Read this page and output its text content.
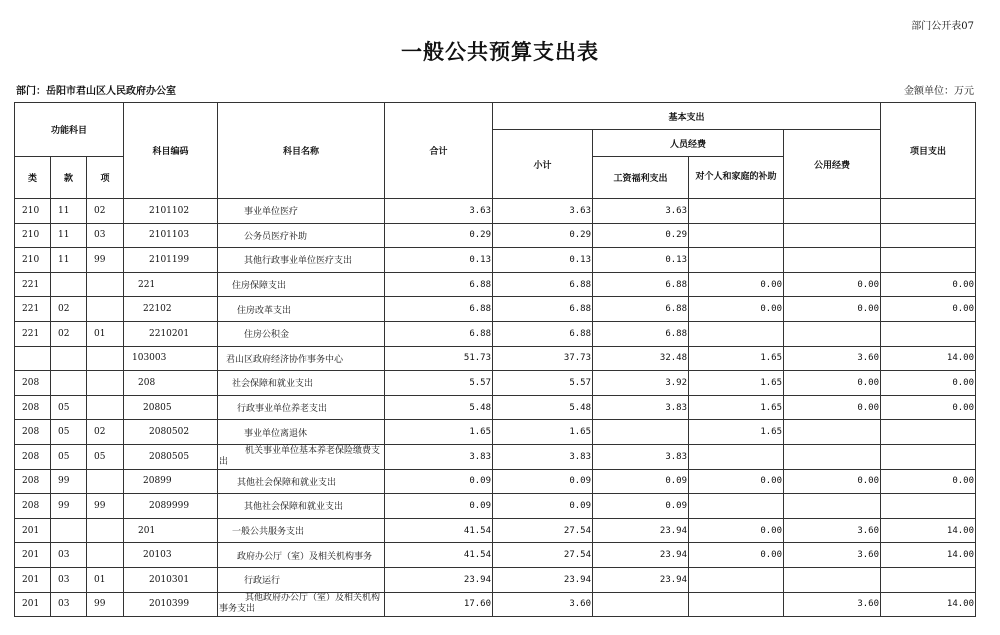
部门公开表07
一般公共预算支出表
部门：岳阳市君山区人民政府办公室	金额单位：万元
功能科目			科目编码	科目名称	合计	基本支出				项目支出
						小计	人员经费		公用经费	
类	款	项					工资福利支出	对个人和家庭的补助		
210	11	02	2101102	事业单位医疗	3.63	3.63	3.63			
210	11	03	2101103	公务员医疗补助	0.29	0.29	0.29			
210	11	99	2101199	其他行政事业单位医疗支出	0.13	0.13	0.13			
221			221	住房保障支出	6.88	6.88	6.88	0.00	0.00	0.00
221	02		22102	住房改革支出	6.88	6.88	6.88	0.00	0.00	0.00
221	02	01	2210201	住房公积金	6.88	6.88	6.88			
			103003	君山区政府经济协作事务中心	51.73	37.73	32.48	1.65	3.60	14.00
208			208	社会保障和就业支出	5.57	5.57	3.92	1.65	0.00	0.00
208	05		20805	行政事业单位养老支出	5.48	5.48	3.83	1.65	0.00	0.00
208	05	02	2080502	事业单位离退休	1.65	1.65		1.65		
208	05	05	2080505	机关事业单位基本养老保险缴费支出	3.83	3.83	3.83			
208	99		20899	其他社会保障和就业支出	0.09	0.09	0.09	0.00	0.00	0.00
208	99	99	2089999	其他社会保障和就业支出	0.09	0.09	0.09			
201			201	一般公共服务支出	41.54	27.54	23.94	0.00	3.60	14.00
201	03		20103	政府办公厅（室）及相关机构事务	41.54	27.54	23.94	0.00	3.60	14.00
201	03	01	2010301	行政运行	23.94	23.94	23.94			
201	03	99	2010399	其他政府办公厅（室）及相关机构事务支出	17.60	3.60			3.60	14.00
